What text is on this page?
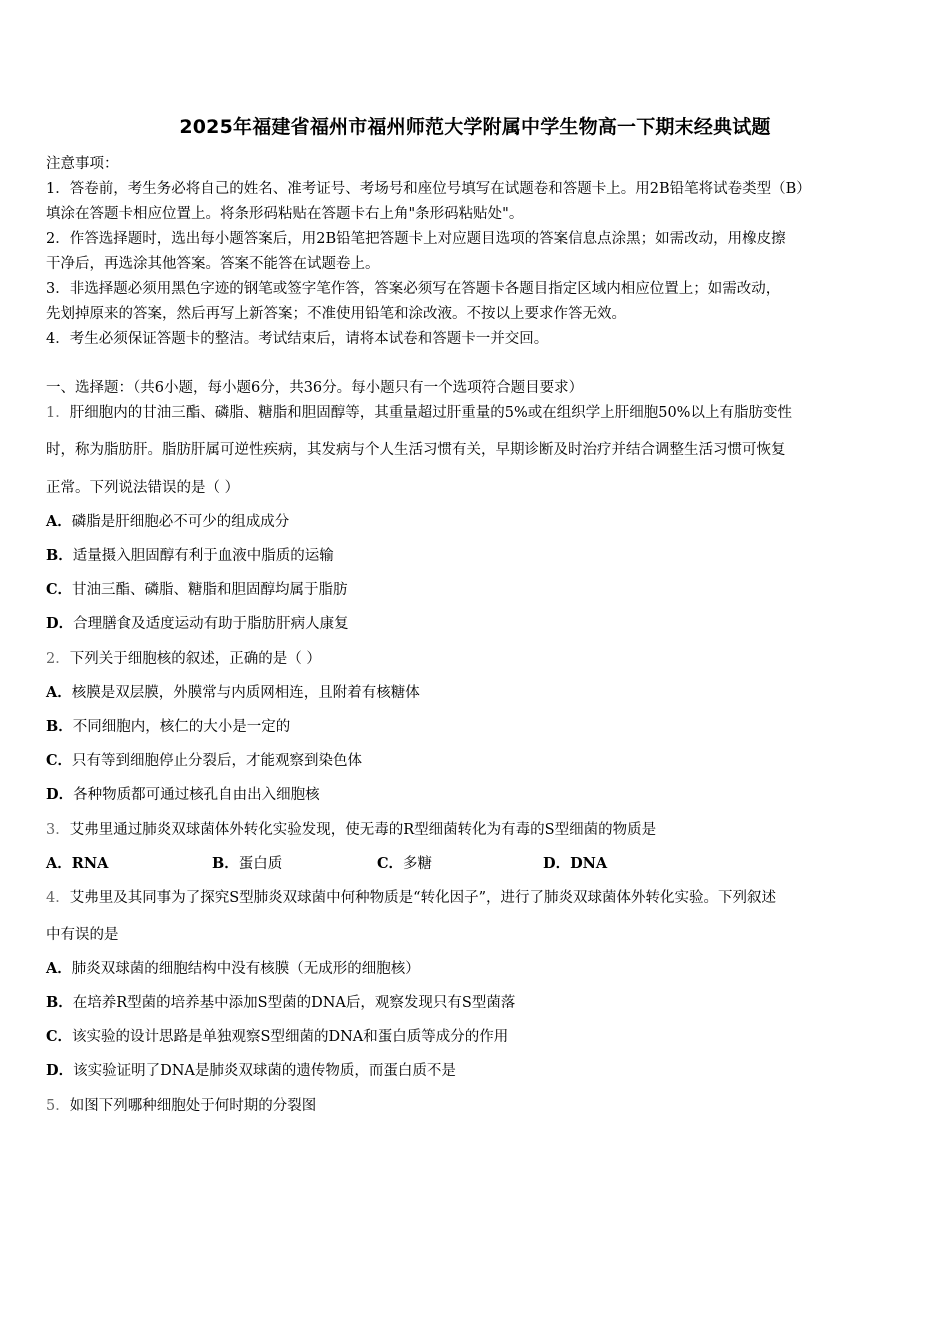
2025年福建省福州市福州师范大学附属中学生物高一下期末经典试题
注意事项：
1．答卷前，考生务必将自己的姓名、准考证号、考场号和座位号填写在试题卷和答题卡上。用2B铅笔将试卷类型（B）
填涂在答题卡相应位置上。将条形码粘贴在答题卡右上角"条形码粘贴处"。
2．作答选择题时，选出每小题答案后，用2B铅笔把答题卡上对应题目选项的答案信息点涂黑；如需改动，用橡皮擦
干净后，再选涂其他答案。答案不能答在试题卷上。
3．非选择题必须用黑色字迹的钢笔或签字笔作答，答案必须写在答题卡各题目指定区域内相应位置上；如需改动，
先划掉原来的答案，然后再写上新答案；不准使用铅笔和涂改液。不按以上要求作答无效。
4．考生必须保证答题卡的整洁。考试结束后，请将本试卷和答题卡一并交回。
一、选择题：（共6小题，每小题6分，共36分。每小题只有一个选项符合题目要求）
1．肝细胞内的甘油三酯、磷脂、糖脂和胆固醇等，其重量超过肝重量的5%或在组织学上肝细胞50%以上有脂肪变性
时，称为脂肪肝。脂肪肝属可逆性疾病，其发病与个人生活习惯有关，早期诊断及时治疗并结合调整生活习惯可恢复
正常。下列说法错误的是（ ）
A．磷脂是肝细胞必不可少的组成成分
B．适量摄入胆固醇有利于血液中脂质的运输
C．甘油三酯、磷脂、糖脂和胆固醇均属于脂肪
D．合理膳食及适度运动有助于脂肪肝病人康复
2．下列关于细胞核的叙述，正确的是（ ）
A．核膜是双层膜，外膜常与内质网相连，且附着有核糖体
B．不同细胞内，核仁的大小是一定的
C．只有等到细胞停止分裂后，才能观察到染色体
D．各种物质都可通过核孔自由出入细胞核
3．艾弗里通过肺炎双球菌体外转化实验发现，使无毒的R型细菌转化为有毒的S型细菌的物质是
A．RNA	B．蛋白质	C．多糖	D．DNA
4．艾弗里及其同事为了探究S型肺炎双球菌中何种物质是“转化因子”，进行了肺炎双球菌体外转化实验。下列叙述
中有误的是
A．肺炎双球菌的细胞结构中没有核膜（无成形的细胞核）
B．在培养R型菌的培养基中添加S型菌的DNA后，观察发现只有S型菌落
C．该实验的设计思路是单独观察S型细菌的DNA和蛋白质等成分的作用
D．该实验证明了DNA是肺炎双球菌的遗传物质，而蛋白质不是
5．如图下列哪种细胞处于何时期的分裂图
